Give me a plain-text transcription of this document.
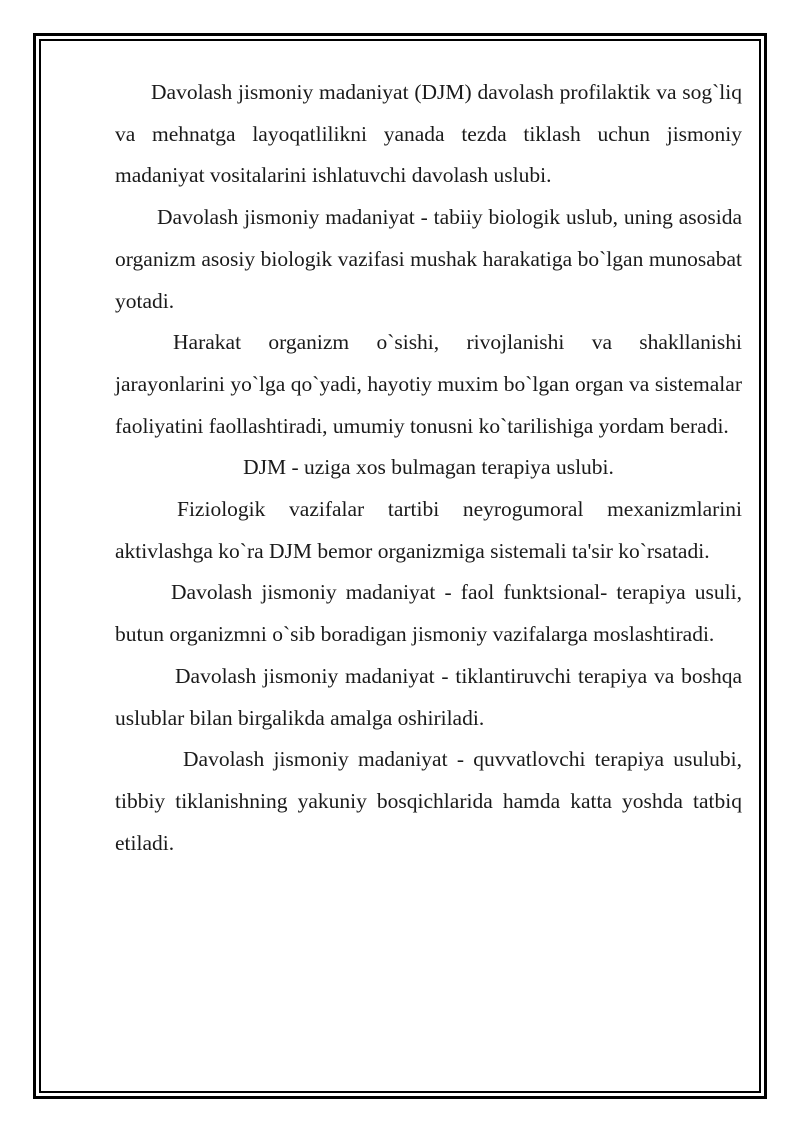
Davolash jismoniy madaniyat (DJM) davolash profilaktik va sog`liq va mehnatga layoqatlilikni yanada tezda tiklash uchun jismoniy madaniyat vositalarini ishlatuvchi davolash uslubi.

Davolash jismoniy madaniyat - tabiiy biologik uslub, uning asosida organizm asosiy biologik vazifasi mushak harakatiga bo`lgan munosabat yotadi.

Harakat organizm o`sishi, rivojlanishi va shakllanishi jarayonlarini yo`lga qo`yadi, hayotiy muxim bo`lgan organ va sistemalar faoliyatini faollashtiradi, umumiy tonusni ko`tarilishiga yordam beradi.

DJM - uziga xos bulmagan terapiya uslubi.

Fiziologik vazifalar tartibi neyrogumoral mexanizmlarini aktivlashga ko`ra DJM bemor organizmiga sistemali ta'sir ko`rsatadi.

Davolash jismoniy madaniyat - faol funktsional- terapiya usuli, butun organizmni o`sib boradigan jismoniy vazifalarga moslashtiradi.

Davolash jismoniy madaniyat - tiklantiruvchi terapiya va boshqa uslublar bilan birgalikda amalga oshiriladi.

Davolash jismoniy madaniyat - quvvatlovchi terapiya usulubi, tibbiy tiklanishning yakuniy bosqichlarida hamda katta yoshda tatbiq etiladi.
